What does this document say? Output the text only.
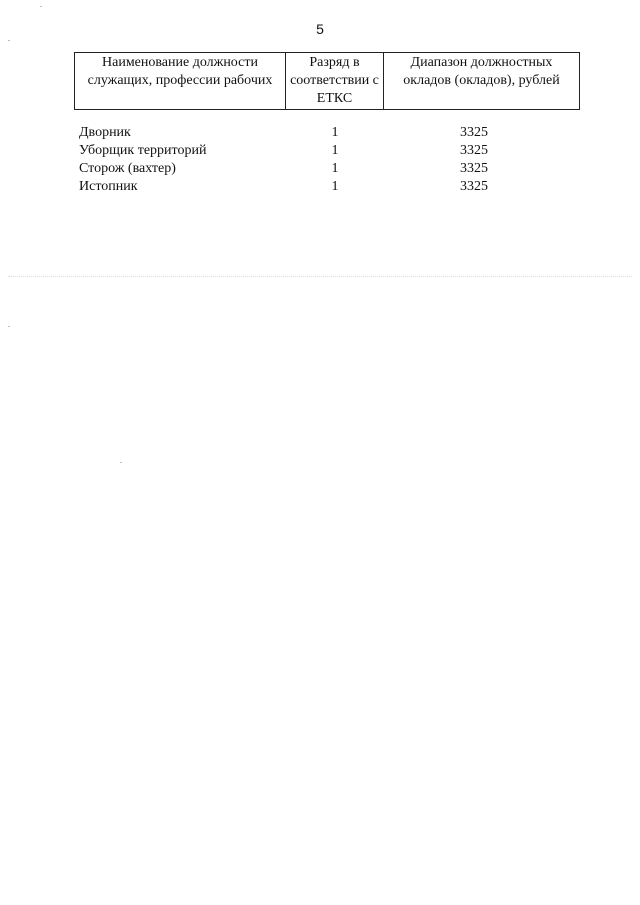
5
Наименование должности служащих, профессии рабочих	Разряд в соответствии с ЕТКС	Диапазон должностных окладов (окладов), рублей
Дворник	1	3325
Уборщик территорий	1	3325
Сторож (вахтер)	1	3325
Истопник	1	3325
